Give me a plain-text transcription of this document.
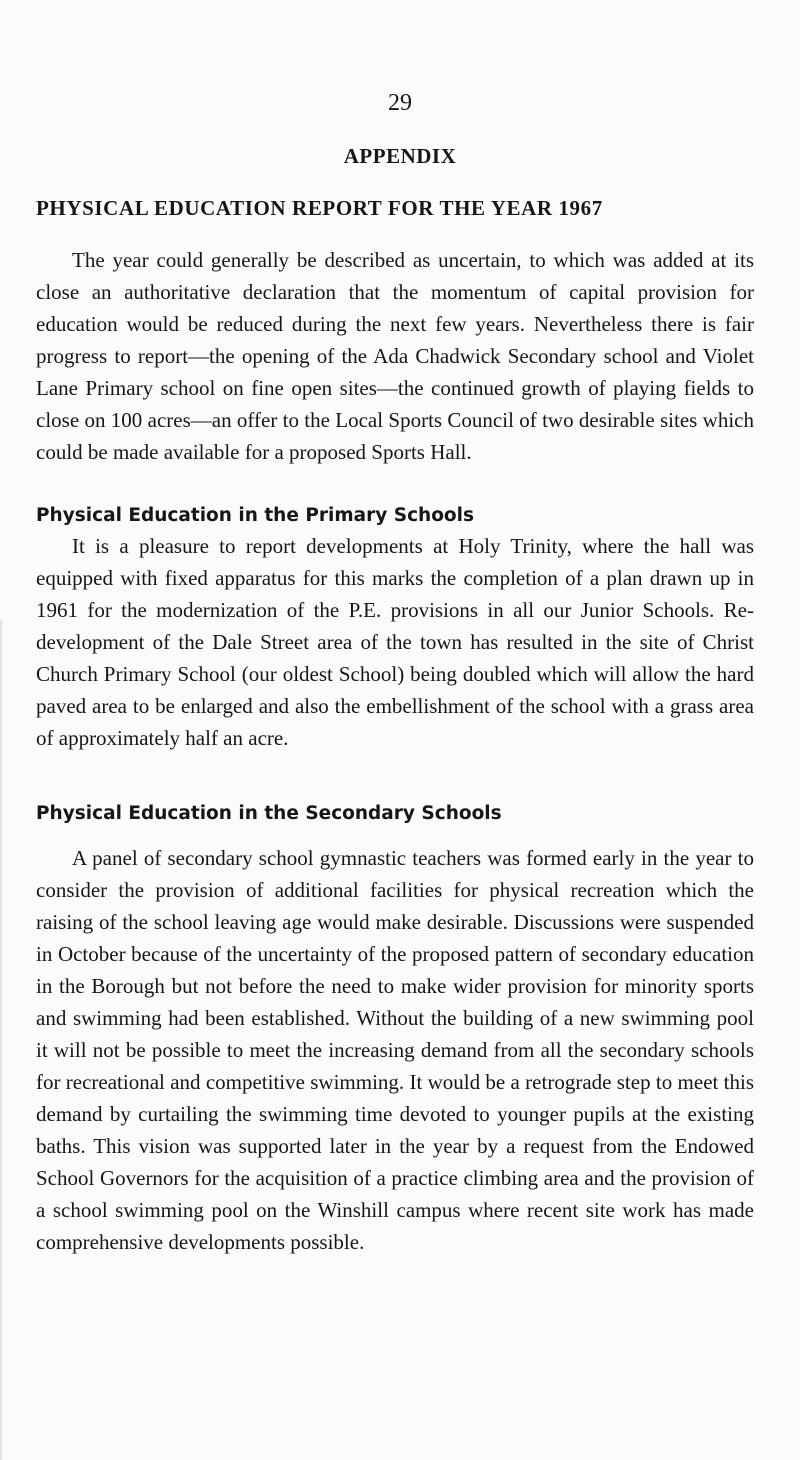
29
APPENDIX
PHYSICAL EDUCATION REPORT FOR THE YEAR 1967

The year could generally be described as uncertain, to which was added at its close an authoritative declaration that the momentum of capital provision for education would be reduced during the next few years. Nevertheless there is fair progress to report—the opening of the Ada Chadwick Secondary school and Violet Lane Primary school on fine open sites—the continued growth of playing fields to close on 100 acres—an offer to the Local Sports Council of two desirable sites which could be made available for a proposed Sports Hall.

Physical Education in the Primary Schools

It is a pleasure to report developments at Holy Trinity, where the hall was equipped with fixed apparatus for this marks the completion of a plan drawn up in 1961 for the modernization of the P.E. provisions in all our Junior Schools. Re-development of the Dale Street area of the town has resulted in the site of Christ Church Primary School (our oldest School) being doubled which will allow the hard paved area to be enlarged and also the embellishment of the school with a grass area of approximately half an acre.

Physical Education in the Secondary Schools

A panel of secondary school gymnastic teachers was formed early in the year to consider the provision of additional facilities for physical recreation which the raising of the school leaving age would make desirable. Discussions were suspended in October because of the uncertainty of the proposed pattern of secondary education in the Borough but not before the need to make wider provision for minority sports and swimming had been established. Without the building of a new swimming pool it will not be possible to meet the increasing demand from all the secondary schools for recreational and competitive swimming. It would be a retrograde step to meet this demand by curtailing the swimming time devoted to younger pupils at the existing baths. This vision was supported later in the year by a request from the Endowed School Governors for the acquisition of a practice climbing area and the provision of a school swimming pool on the Winshill campus where recent site work has made comprehensive developments possible.
